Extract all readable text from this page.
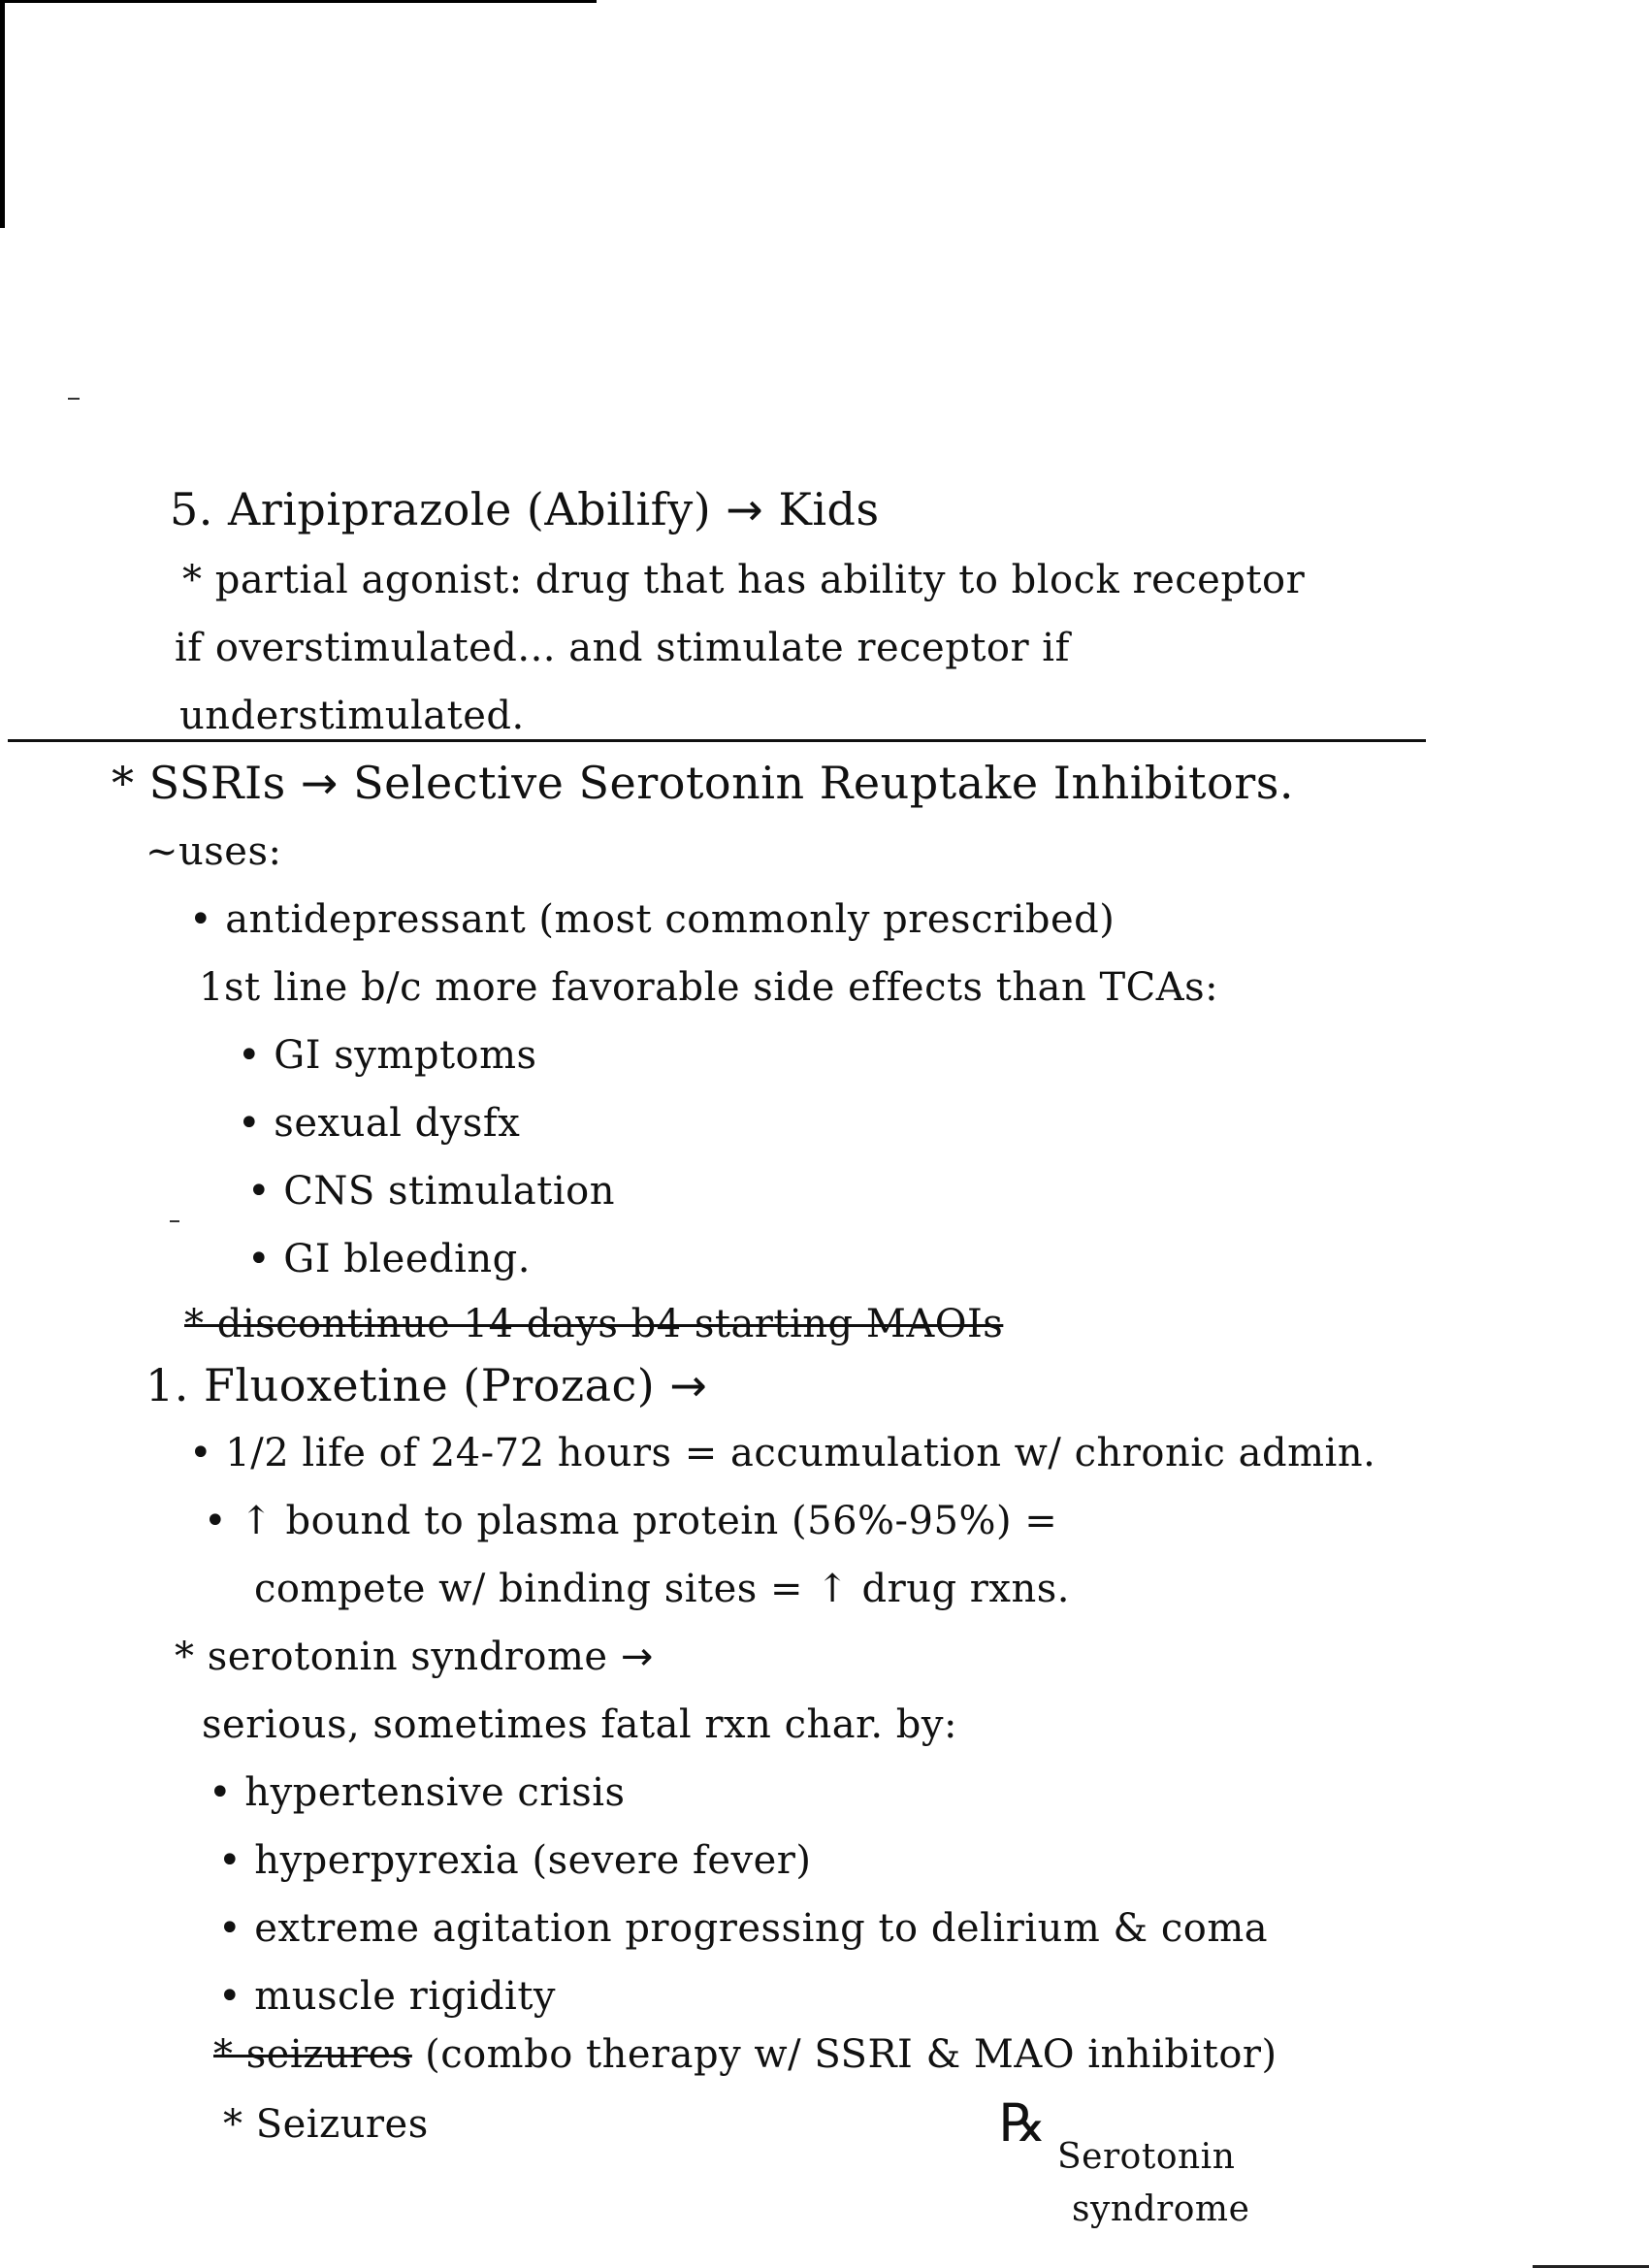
5. Aripiprazole (Abilify) → Kids
* partial agonist: drug that has ability to block receptor
if overstimulated... and stimulate receptor if
understimulated.
* SSRIs → Selective Serotonin Reuptake Inhibitors.
~uses:
• antidepressant (most commonly prescribed)
1st line b/c more favorable side effects than TCAs:
• GI symptoms
• sexual dysfx
• CNS stimulation
• GI bleeding.
* discontinue 14 days b4 starting MAOIs
1. Fluoxetine (Prozac) →
• 1/2 life of 24-72 hours = accumulation w/ chronic admin.
• ↑ bound to plasma protein (56%-95%) =
compete w/ binding sites = ↑ drug rxns.
* serotonin syndrome →
serious, sometimes fatal rxn char. by:
• hypertensive crisis
• hyperpyrexia (severe fever)
• extreme agitation progressing to delirium & coma
• muscle rigidity
* seizures (combo therapy w/ SSRI & MAO inhibitor)
* Seizures	℞
Serotonin
syndrome
